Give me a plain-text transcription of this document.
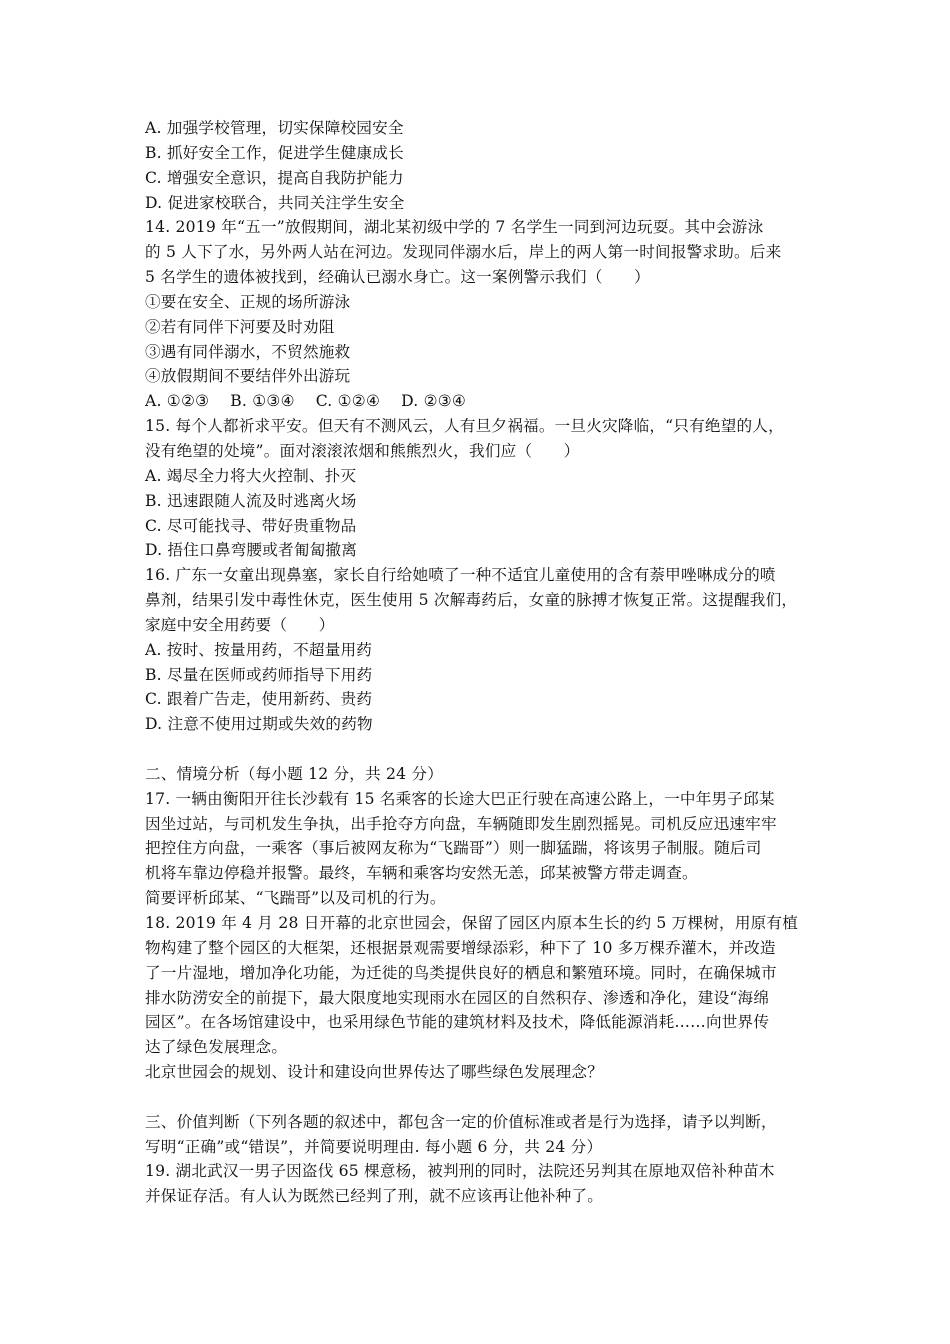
A. 加强学校管理，切实保障校园安全
B. 抓好安全工作，促进学生健康成长
C. 增强安全意识，提高自我防护能力
D. 促进家校联合，共同关注学生安全
14. 2019 年“五一”放假期间，湖北某初级中学的 7 名学生一同到河边玩耍。其中会游泳
的 5 人下了水，另外两人站在河边。发现同伴溺水后，岸上的两人第一时间报警求助。后来
5 名学生的遗体被找到，经确认已溺水身亡。这一案例警示我们（　　）
①要在安全、正规的场所游泳
②若有同伴下河要及时劝阻
③遇有同伴溺水，不贸然施救
④放假期间不要结伴外出游玩
A. ①②③　 B. ①③④　 C. ①②④　 D. ②③④
15. 每个人都祈求平安。但天有不测风云，人有旦夕祸福。一旦火灾降临，“只有绝望的人，
没有绝望的处境”。面对滚滚浓烟和熊熊烈火，我们应（　　）
A. 竭尽全力将大火控制、扑灭
B. 迅速跟随人流及时逃离火场
C. 尽可能找寻、带好贵重物品
D. 捂住口鼻弯腰或者匍匐撤离
16. 广东一女童出现鼻塞，家长自行给她喷了一种不适宜儿童使用的含有萘甲唑啉成分的喷
鼻剂，结果引发中毒性休克，医生使用 5 次解毒药后，女童的脉搏才恢复正常。这提醒我们，
家庭中安全用药要（　　）
A. 按时、按量用药，不超量用药
B. 尽量在医师或药师指导下用药
C. 跟着广告走，使用新药、贵药
D. 注意不使用过期或失效的药物
二、情境分析（每小题 12 分，共 24 分）
17. 一辆由衡阳开往长沙载有 15 名乘客的长途大巴正行驶在高速公路上，一中年男子邱某
因坐过站，与司机发生争执，出手抢夺方向盘，车辆随即发生剧烈摇晃。司机反应迅速牢牢
把控住方向盘，一乘客（事后被网友称为“飞踹哥”）则一脚猛踹，将该男子制服。随后司
机将车靠边停稳并报警。最终，车辆和乘客均安然无恙，邱某被警方带走调查。
简要评析邱某、“飞踹哥”以及司机的行为。
18. 2019 年 4 月 28 日开幕的北京世园会，保留了园区内原本生长的约 5 万棵树，用原有植
物构建了整个园区的大框架，还根据景观需要增绿添彩，种下了 10 多万棵乔灌木，并改造
了一片湿地，增加净化功能，为迁徙的鸟类提供良好的栖息和繁殖环境。同时，在确保城市
排水防涝安全的前提下，最大限度地实现雨水在园区的自然积存、渗透和净化，建设“海绵
园区”。在各场馆建设中，也采用绿色节能的建筑材料及技术，降低能源消耗……向世界传
达了绿色发展理念。
北京世园会的规划、设计和建设向世界传达了哪些绿色发展理念？
三、价值判断（下列各题的叙述中，都包含一定的价值标准或者是行为选择，请予以判断，
写明“正确”或“错误”，并简要说明理由. 每小题 6 分，共 24 分）
19. 湖北武汉一男子因盗伐 65 棵意杨，被判刑的同时，法院还另判其在原地双倍补种苗木
并保证存活。有人认为既然已经判了刑，就不应该再让他补种了。
